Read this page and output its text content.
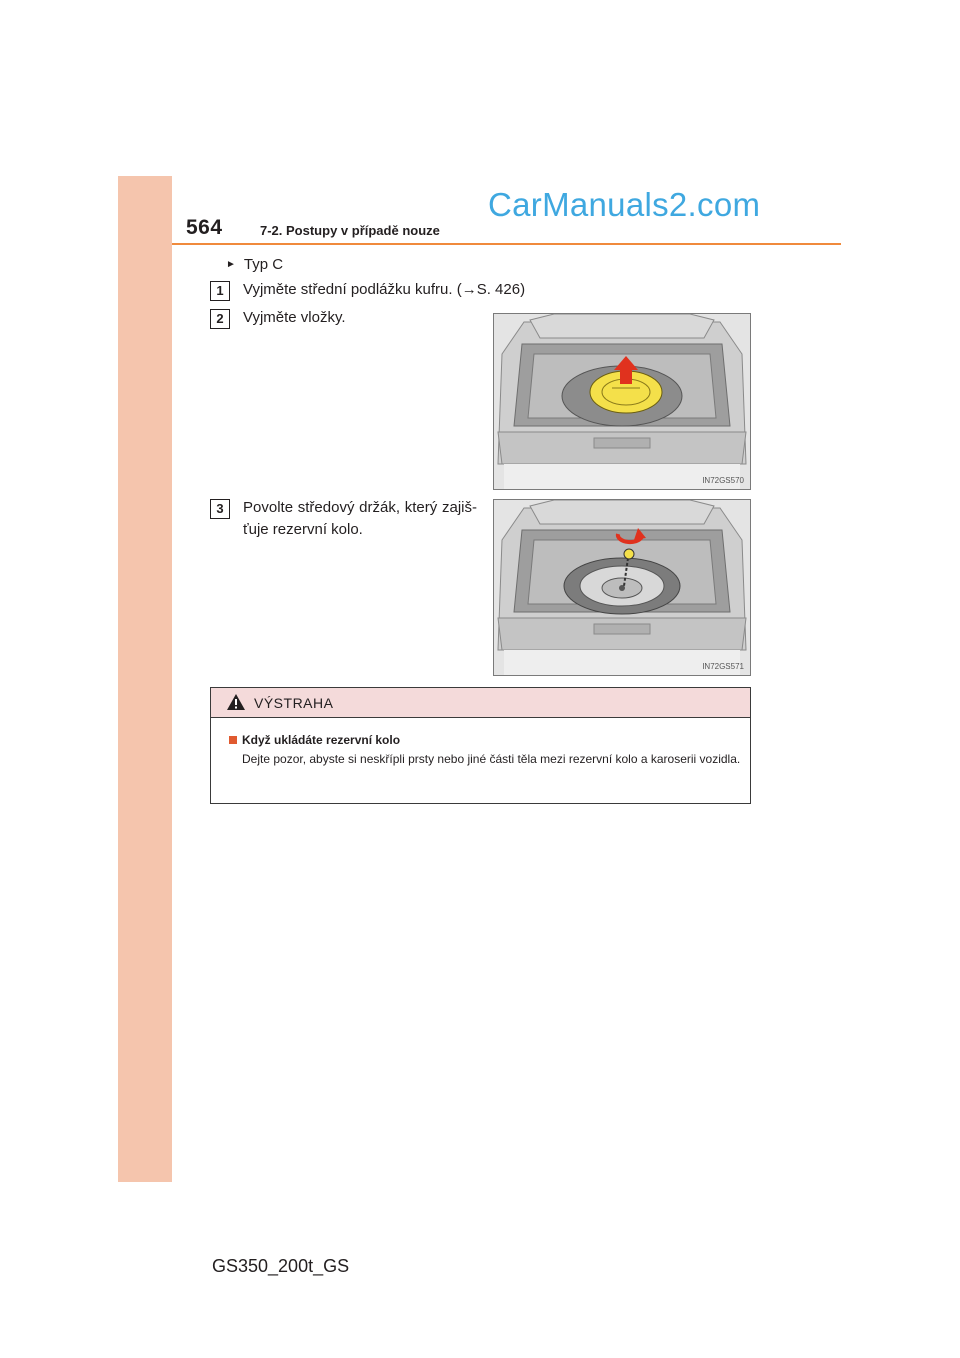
564	7-2. Postupy v případě nouze
CarManuals2.com
► Typ C
1	Vyjměte střední podlážku kufru. (→S. 426)
2	Vyjměte vložky.
IN72GS570
3	Povolte středový držák, který zajiš-ťuje rezervní kolo.
IN72GS571
VÝSTRAHA
Když ukládáte rezervní kolo
Dejte pozor, abyste si neskřípli prsty nebo jiné části těla mezi rezervní kolo a karoserii vozidla.
GS350_200t_GS
